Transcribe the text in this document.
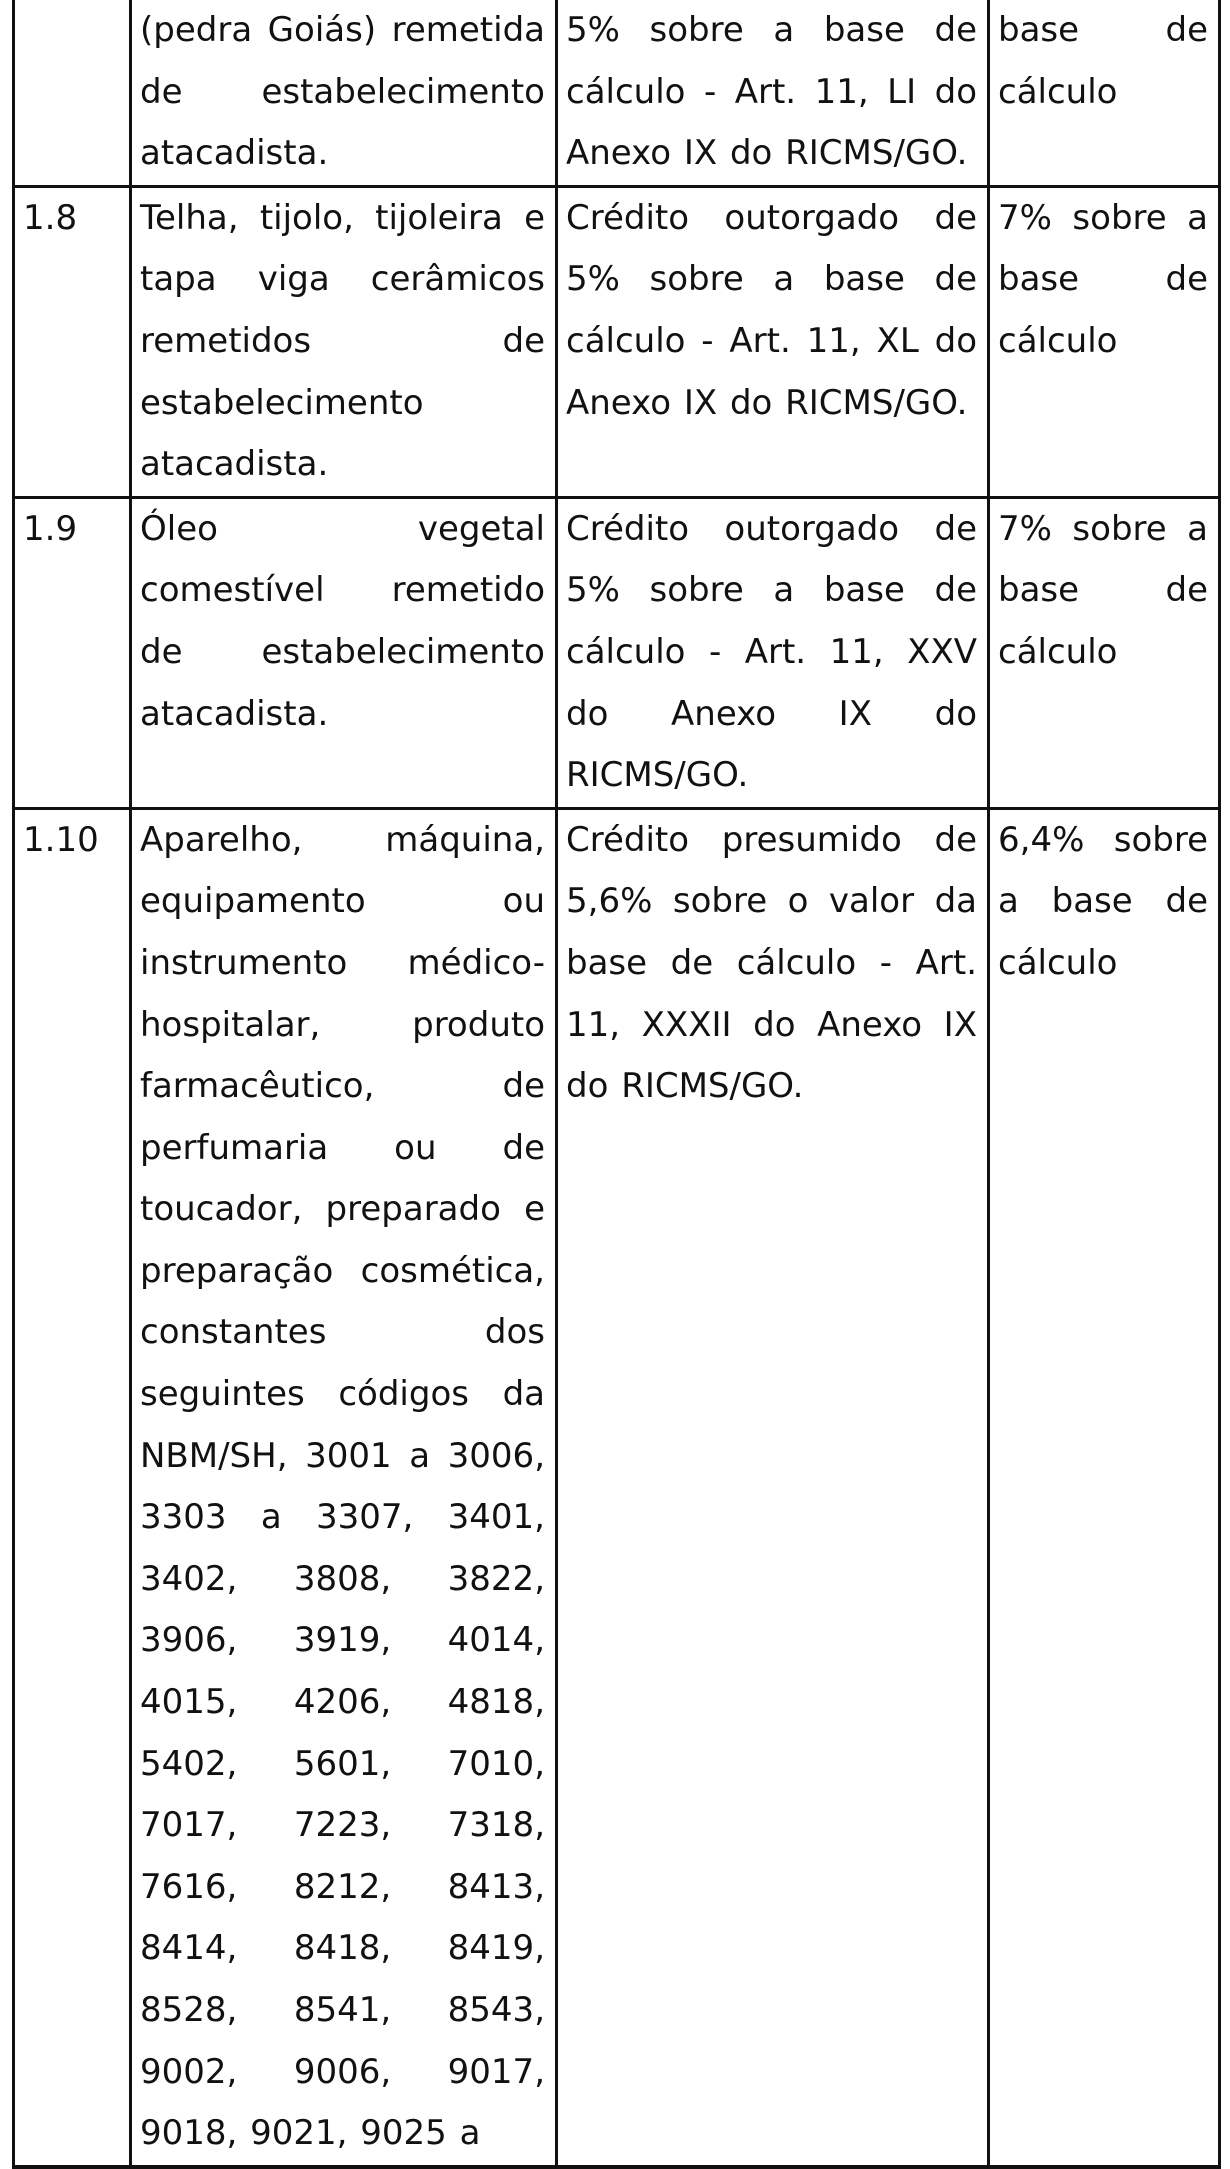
	(pedra Goiás) remetida de estabelecimento atacadista.	5% sobre a base de cálculo - Art. 11, LI do Anexo IX do RICMS/GO.	base de cálculo
1.8	Telha, tijolo, tijoleira e tapa viga cerâmicos remetidos de estabelecimento atacadista.	Crédito outorgado de 5% sobre a base de cálculo - Art. 11, XL do Anexo IX do RICMS/GO.	7% sobre a base de cálculo
1.9	Óleo vegetal comestível remetido de estabelecimento atacadista.	Crédito outorgado de 5% sobre a base de cálculo - Art. 11, XXV do Anexo IX do RICMS/GO.	7% sobre a base de cálculo
1.10	Aparelho, máquina, equipamento ou instrumento médico-hospitalar, produto farmacêutico, de perfumaria ou de toucador, preparado e preparação cosmética, constantes dos seguintes códigos da NBM/SH, 3001 a 3006, 3303 a 3307, 3401, 3402, 3808, 3822, 3906, 3919, 4014, 4015, 4206, 4818, 5402, 5601, 7010, 7017, 7223, 7318, 7616, 8212, 8413, 8414, 8418, 8419, 8528, 8541, 8543, 9002, 9006, 9017, 9018, 9021, 9025 a	Crédito presumido de 5,6% sobre o valor da base de cálculo - Art. 11, XXXII do Anexo IX do RICMS/GO.	6,4% sobre a base de cálculo
